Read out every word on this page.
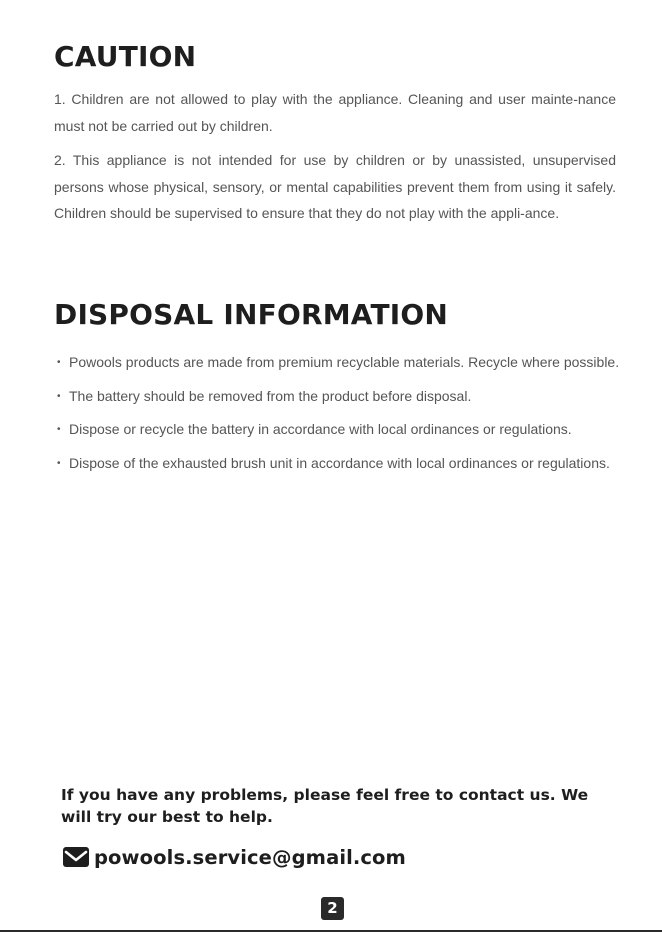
CAUTION

1. Children are not allowed to play with the appliance. Cleaning and user mainte-nance must not be carried out by children.

2. This appliance is not intended for use by children or by unassisted, unsupervised persons whose physical, sensory, or mental capabilities prevent them from using it safely. Children should be supervised to ensure that they do not play with the appli-ance.

DISPOSAL INFORMATION
• Powools products are made from premium recyclable materials. Recycle where possible.
• The battery should be removed from the product before disposal.
• Dispose or recycle the battery in accordance with local ordinances or regulations.
• Dispose of the exhausted brush unit in accordance with local ordinances or regulations.

If you have any problems, please feel free to contact us. We will try our best to help.

powools.service@gmail.com
2
